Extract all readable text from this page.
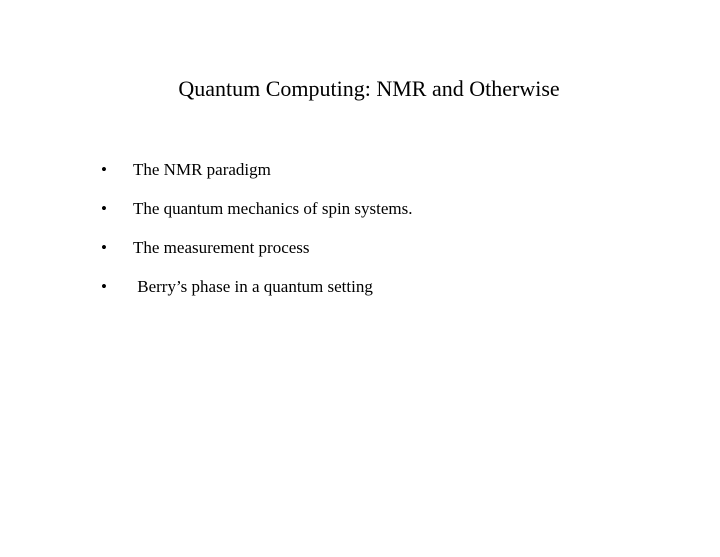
Quantum Computing: NMR and Otherwise

•

	The NMR paradigm

•

	The quantum mechanics of spin systems.

•

	The measurement process

•

	Berry’s phase in a quantum setting
